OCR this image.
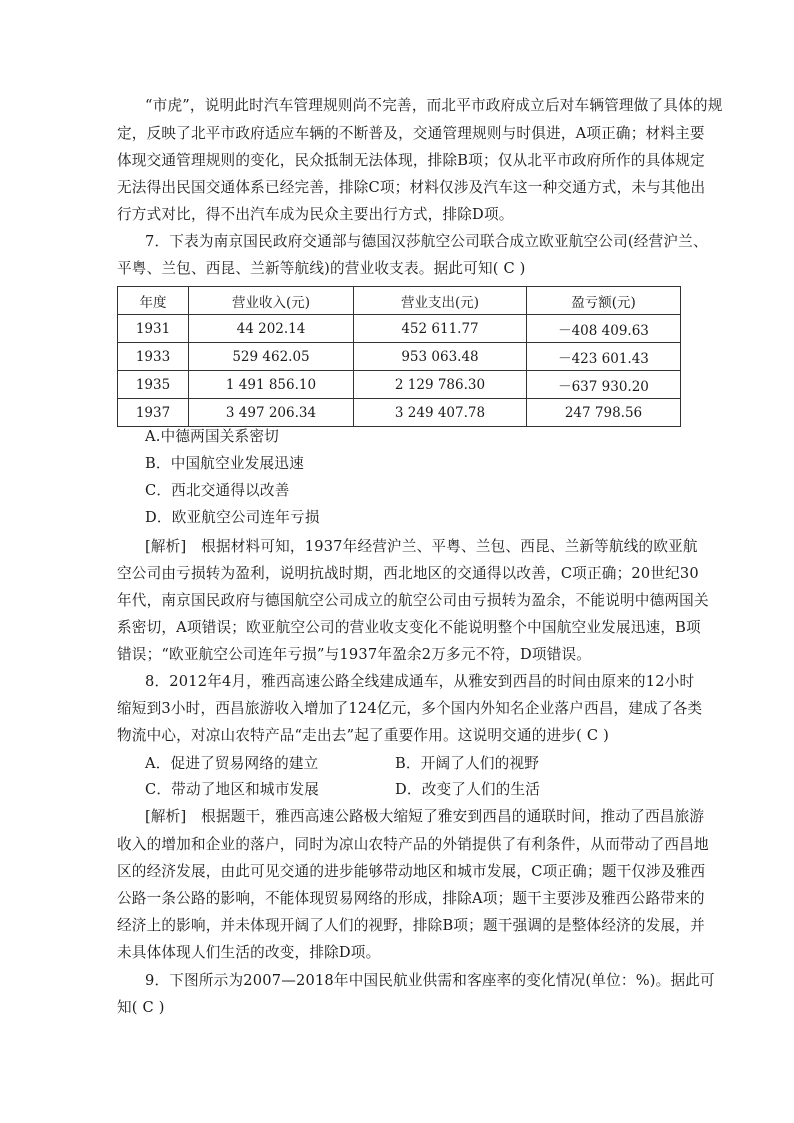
“市虎”，说明此时汽车管理规则尚不完善，而北平市政府成立后对车辆管理做了具体的规
定，反映了北平市政府适应车辆的不断普及，交通管理规则与时俱进，A项正确；材料主要
体现交通管理规则的变化，民众抵制无法体现，排除B项；仅从北平市政府所作的具体规定
无法得出民国交通体系已经完善，排除C项；材料仅涉及汽车这一种交通方式，未与其他出
行方式对比，得不出汽车成为民众主要出行方式，排除D项。
7．下表为南京国民政府交通部与德国汉莎航空公司联合成立欧亚航空公司(经营沪兰、
平粤、兰包、西昆、兰新等航线)的营业收支表。据此可知( C )
年度	营业收入(元)	营业支出(元)	盈亏额(元)
1931	44 202.14	452 611.77	－408 409.63
1933	529 462.05	953 063.48	－423 601.43
1935	1 491 856.10	2 129 786.30	－637 930.20
1937	3 497 206.34	3 249 407.78	247 798.56
A.中德两国关系密切
B．中国航空业发展迅速
C．西北交通得以改善
D．欧亚航空公司连年亏损
[解析]　根据材料可知，1937年经营沪兰、平粤、兰包、西昆、兰新等航线的欧亚航
空公司由亏损转为盈利，说明抗战时期，西北地区的交通得以改善，C项正确；20世纪30
年代，南京国民政府与德国航空公司成立的航空公司由亏损转为盈余，不能说明中德两国关
系密切，A项错误；欧亚航空公司的营业收支变化不能说明整个中国航空业发展迅速，B项
错误；“欧亚航空公司连年亏损”与1937年盈余2万多元不符，D项错误。
8．2012年4月，雅西高速公路全线建成通车，从雅安到西昌的时间由原来的12小时
缩短到3小时，西昌旅游收入增加了124亿元，多个国内外知名企业落户西昌，建成了各类
物流中心，对凉山农特产品“走出去”起了重要作用。这说明交通的进步( C )
A．促进了贸易网络的建立	B．开阔了人们的视野
C．带动了地区和城市发展	D．改变了人们的生活
[解析]　根据题干，雅西高速公路极大缩短了雅安到西昌的通联时间，推动了西昌旅游
收入的增加和企业的落户，同时为凉山农特产品的外销提供了有利条件，从而带动了西昌地
区的经济发展，由此可见交通的进步能够带动地区和城市发展，C项正确；题干仅涉及雅西
公路一条公路的影响，不能体现贸易网络的形成，排除A项；题干主要涉及雅西公路带来的
经济上的影响，并未体现开阔了人们的视野，排除B项；题干强调的是整体经济的发展，并
未具体体现人们生活的改变，排除D项。
9．下图所示为2007—2018年中国民航业供需和客座率的变化情况(单位：%)。据此可
知( C )
